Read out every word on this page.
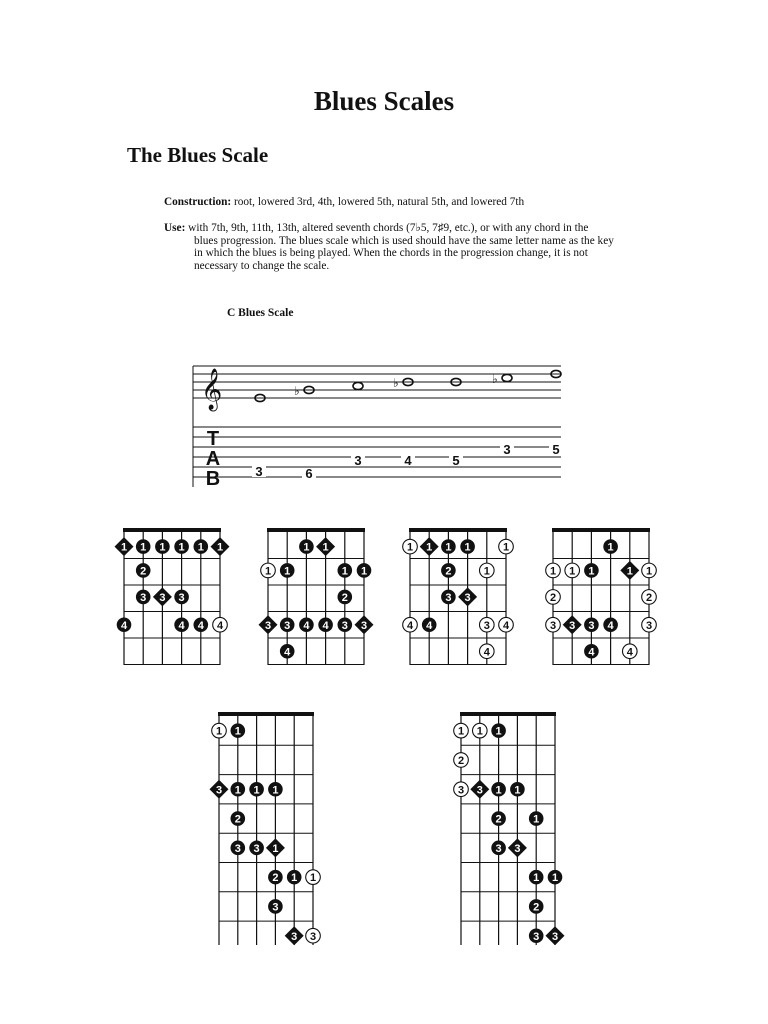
Blues Scales
The Blues Scale
Construction: root, lowered 3rd, 4th, lowered 5th, natural 5th, and lowered 7th
Use: with 7th, 9th, 11th, 13th, altered seventh chords (7♭5, 7♯9, etc.), or with any chord in the
blues progression. The blues scale which is used should have the same letter name as the key
in which the blues is being played. When the chords in the progression change, it is not
necessary to change the scale.
C Blues Scale
𝄞	♭
♭	♭
T
A
B	3	6
3	4	5
3	5
1 1 1 1 1 1
2
3 3 3
4	4 4 4
1 1
1 1	1 1
2
3 3 4 4 3 3
4
1 1 1 1	1
2	1
3 3
4 4	3 4
4
1
1 1 1	1 1
2	2
3 3 3 4	3
4	4
1 1
3 1 1 1
2
3 3 1
2 1 1
3
3 3
1 1 1
2
3 3 1 1
2	1
3 3
1 1
2
3 3
